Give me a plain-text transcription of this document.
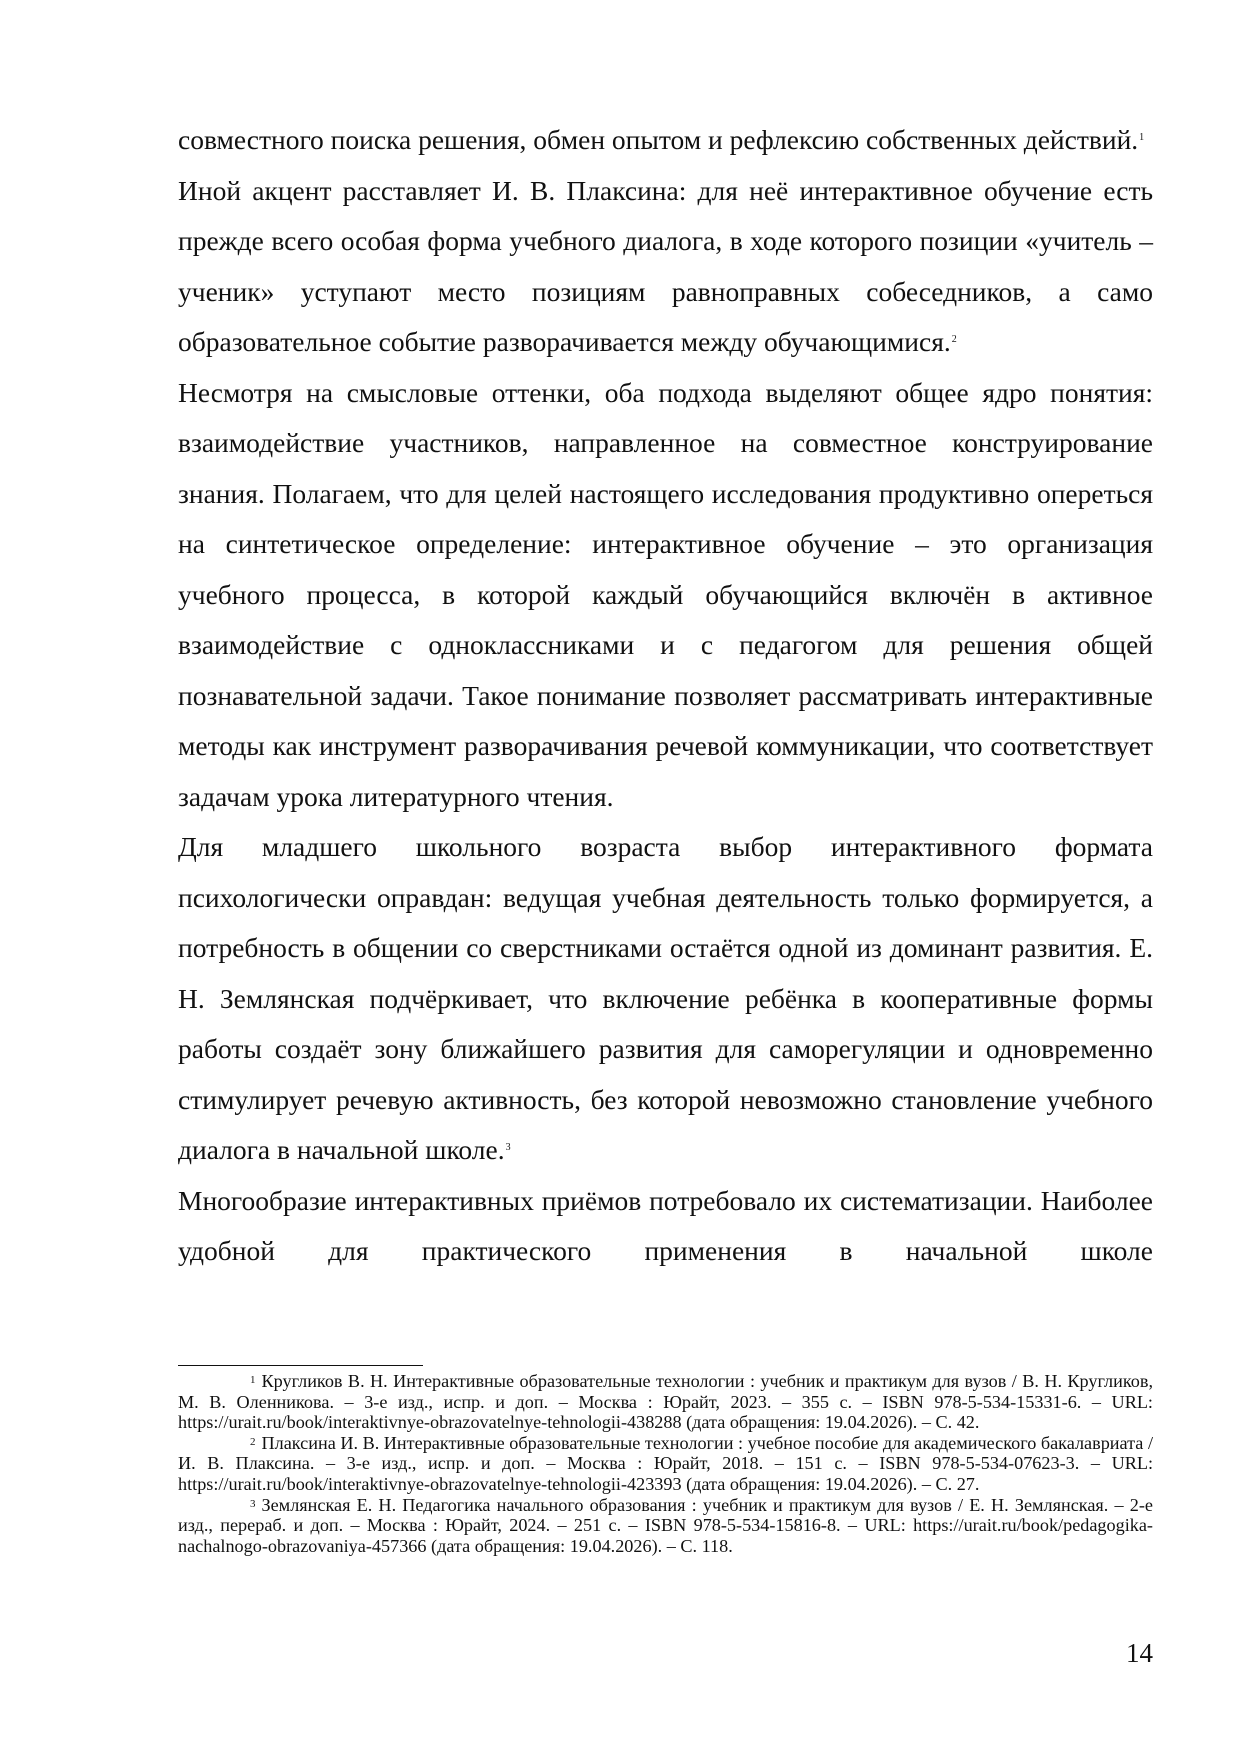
совместного поиска решения, обмен опытом и рефлексию собственных действий.$^1$

Иной акцент расставляет И. В. Плаксина: для неё интерактивное обучение есть прежде всего особая форма учебного диалога, в ходе которого позиции «учитель – ученик» уступают место позициям равноправных собеседников, а само образовательное событие разворачивается между обучающимися.$^2$

Несмотря на смысловые оттенки, оба подхода выделяют общее ядро понятия: взаимодействие участников, направленное на совместное конструирование знания. Полагаем, что для целей настоящего исследования продуктивно опереться на синтетическое определение: интерактивное обучение – это организация учебного процесса, в которой каждый обучающийся включён в активное взаимодействие с одноклассниками и с педагогом для решения общей познавательной задачи. Такое понимание позволяет рассматривать интерактивные методы как инструмент разворачивания речевой коммуникации, что соответствует задачам урока литературного чтения.

Для младшего школьного возраста выбор интерактивного формата психологически оправдан: ведущая учебная деятельность только формируется, а потребность в общении со сверстниками остаётся одной из доминант развития. Е. Н. Землянская подчёркивает, что включение ребёнка в кооперативные формы работы создаёт зону ближайшего развития для саморегуляции и одновременно стимулирует речевую активность, без которой невозможно становление учебного диалога в начальной школе.$^3$

Многообразие интерактивных приёмов потребовало их систематизации. Наиболее удобной для практического применения в начальной школе

$^1$ Кругликов В. Н. Интерактивные образовательные технологии : учебник и практикум для вузов / В. Н. Кругликов, М. В. Оленникова. – 3-е изд., испр. и доп. – Москва : Юрайт, 2023. – 355 с. – ISBN 978-5-534-15331-6. – URL: https://urait.ru/book/interaktivnye-obrazovatelnye-tehnologii-438288 (дата обращения: 19.04.2026). – С. 42.

$^2$ Плаксина И. В. Интерактивные образовательные технологии : учебное пособие для академического бакалавриата / И. В. Плаксина. – 3-е изд., испр. и доп. – Москва : Юрайт, 2018. – 151 с. – ISBN 978-5-534-07623-3. – URL: https://urait.ru/book/interaktivnye-obrazovatelnye-tehnologii-423393 (дата обращения: 19.04.2026). – С. 27.

$^3$ Землянская Е. Н. Педагогика начального образования : учебник и практикум для вузов / Е. Н. Землянская. – 2-е изд., перераб. и доп. – Москва : Юрайт, 2024. – 251 с. – ISBN 978-5-534-15816-8. – URL: https://urait.ru/book/pedagogika-nachalnogo-obrazovaniya-457366 (дата обращения: 19.04.2026). – С. 118.

14
